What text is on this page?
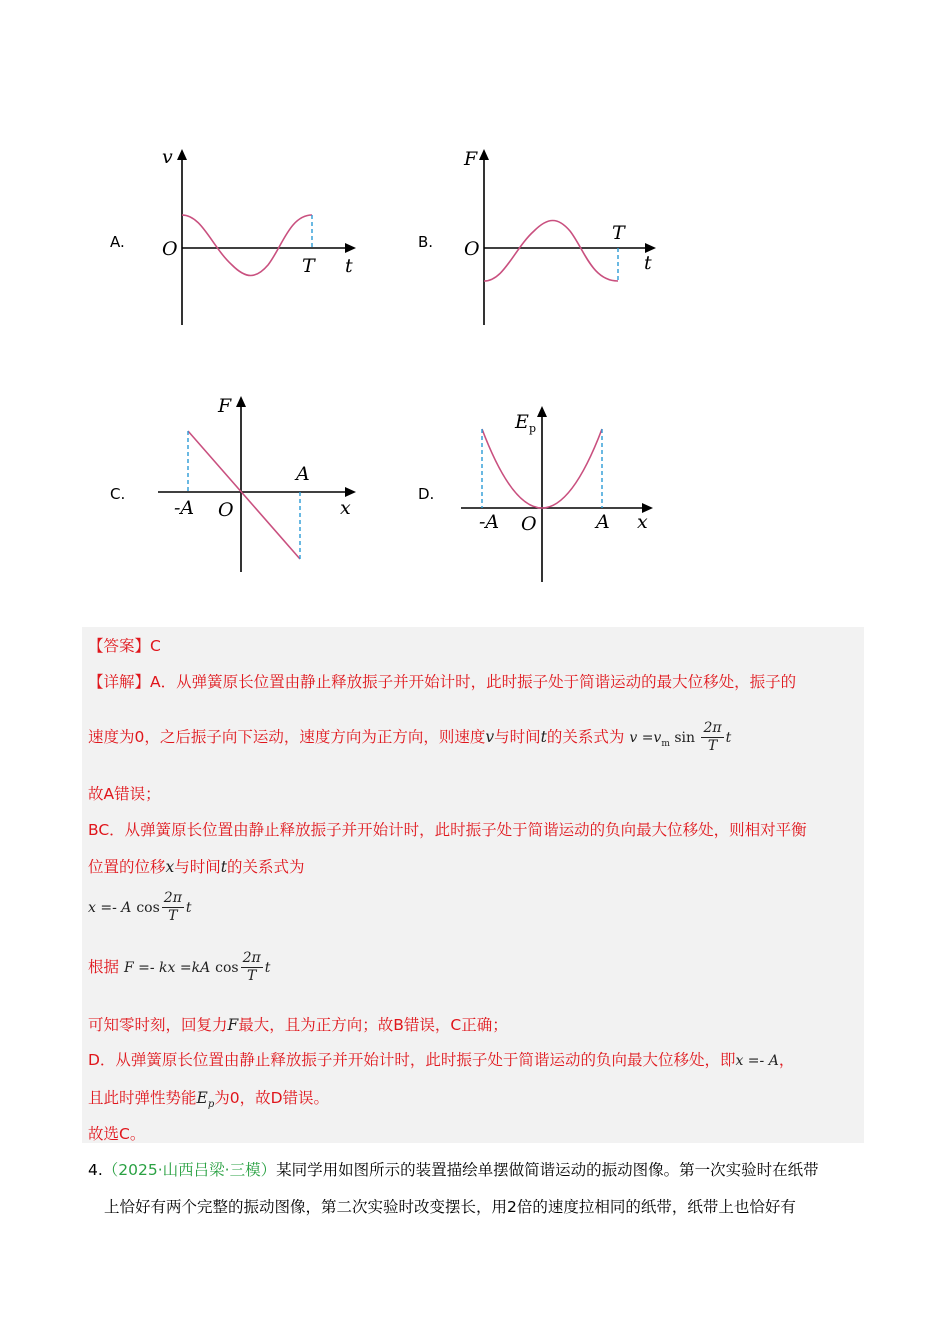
A.
v
O
T t
B.
F
O
T
t
C.
F
O
-A
A
x
D.
E p
O
-A	A x
【答案】C
【详解】A．从弹簧原长位置由静止释放振子并开始计时，此时振子处于简谐运动的最大位移处，振子的
速度为0，之后振子向下运动，速度方向为正方向，则速度v与时间t的关系式为 $v =v_m$ $\sin \frac{2\pi}{T}$ t
故A错误；
BC．从弹簧原长位置由静止释放振子并开始计时，此时振子处于简谐运动的负向最大位移处，则相对平衡
位置的位移x与时间t的关系式为
x =- A $\cos \frac{2\pi}{T}$ t
根据 F =- kx =kA $\cos \frac{2\pi}{T}$ t
可知零时刻，回复力F最大，且为正方向；故B错误，C正确；
D．从弹簧原长位置由静止释放振子并开始计时，此时振子处于简谐运动的负向最大位移处，即x =- A，
且此时弹性势能$E_p$为0，故D错误。
故选C。
4.（2025·山西吕梁·三模）某同学用如图所示的装置描绘单摆做简谐运动的振动图像。第一次实验时在纸带
上恰好有两个完整的振动图像，第二次实验时改变摆长，用2倍的速度拉相同的纸带，纸带上也恰好有
